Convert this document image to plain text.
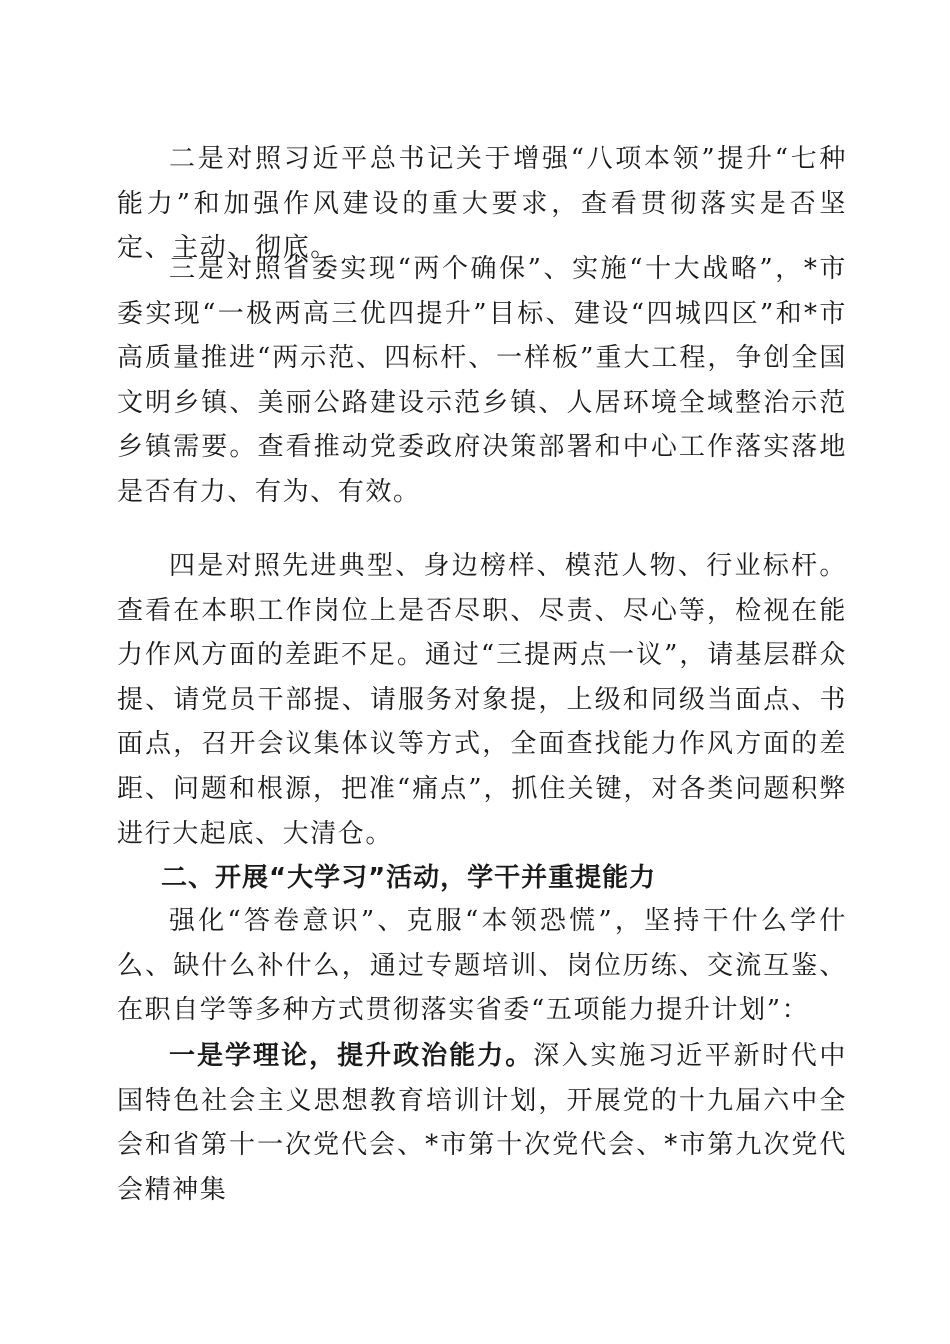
二是对照习近平总书记关于增强“八项本领”提升“七种能力”和加强作风建设的重大要求，查看贯彻落实是否坚定、主动、彻底。

三是对照省委实现“两个确保”、实施“十大战略”，*市委实现“一极两高三优四提升”目标、建设“四城四区”和*市高质量推进“两示范、四标杆、一样板”重大工程，争创全国文明乡镇、美丽公路建设示范乡镇、人居环境全域整治示范乡镇需要。查看推动党委政府决策部署和中心工作落实落地是否有力、有为、有效。

四是对照先进典型、身边榜样、模范人物、行业标杆。查看在本职工作岗位上是否尽职、尽责、尽心等，检视在能力作风方面的差距不足。通过“三提两点一议”，请基层群众提、请党员干部提、请服务对象提，上级和同级当面点、书面点，召开会议集体议等方式，全面查找能力作风方面的差距、问题和根源，把准“痛点”，抓住关键，对各类问题积弊进行大起底、大清仓。

二、开展“大学习”活动，学干并重提能力

强化“答卷意识”、克服“本领恐慌”，坚持干什么学什么、缺什么补什么，通过专题培训、岗位历练、交流互鉴、在职自学等多种方式贯彻落实省委“五项能力提升计划”：

一是学理论，提升政治能力。深入实施习近平新时代中国特色社会主义思想教育培训计划，开展党的十九届六中全会和省第十一次党代会、*市第十次党代会、*市第九次党代会精神集
